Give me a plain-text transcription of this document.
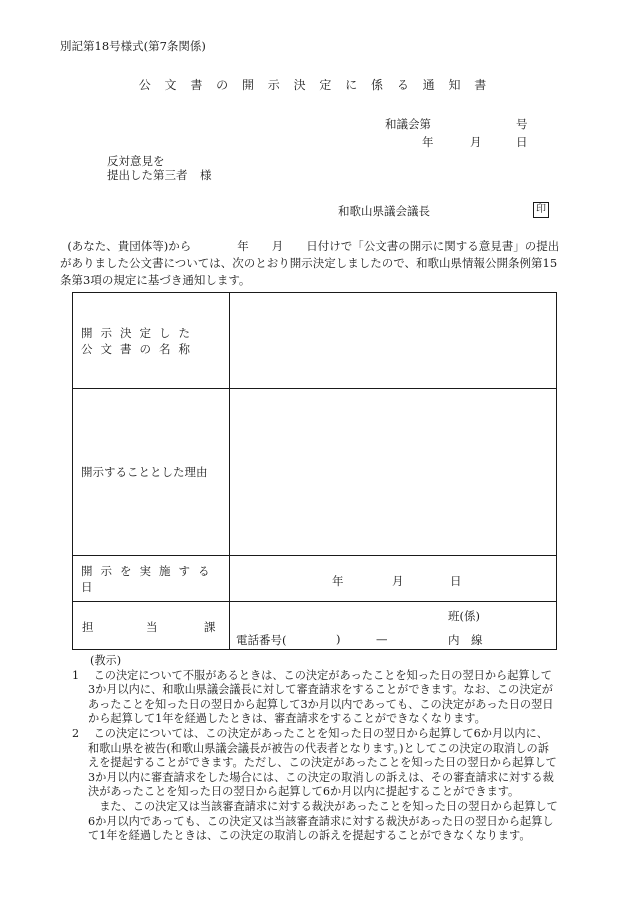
別記第18号様式(第7条関係)
公 文 書 の 開 示 決 定 に 係 る 通 知 書
和議会第	号
年	月	日
反対意見を
提出した第三者 様
和歌山県議会議長	印
(あなた、貴団体等)から    	年   月   日付けで「公文書の開示に関する意見書」の提出がありました公文書については、次のとおり開示決定しましたので、和歌山県情報公開条例第15条第3項の規定に基づき通知します。
開示決定した
公文書の名称	

開示することとした理由	
開示を実施する日	年 月 日

担 当 課	班(係)
電話番号( ) — 内　線
(教示)
1
 	この決定について不服があるときは、この決定があったことを知った日の翌日から起算して3か月以内に、和歌山県議会議長に対して審査請求をすることができます。なお、この決定があったことを知った日の翌日から起算して3か月以内であっても、この決定があった日の翌日から起算して1年を経過したときは、審査請求をすることができなくなります。
2
 	この決定については、この決定があったことを知った日の翌日から起算して6か月以内に、和歌山県を被告(和歌山県議会議長が被告の代表者となります。)としてこの決定の取消しの訴えを提起することができます。ただし、この決定があったことを知った日の翌日から起算して3か月以内に審査請求をした場合には、この決定の取消しの訴えは、その審査請求に対する裁決があったことを知った日の翌日から起算して6か月以内に提起することができます。
また、この決定又は当該審査請求に対する裁決があったことを知った日の翌日から起算して6か月以内であっても、この決定又は当該審査請求に対する裁決があった日の翌日から起算して1年を経過したときは、この決定の取消しの訴えを提起することができなくなります。
